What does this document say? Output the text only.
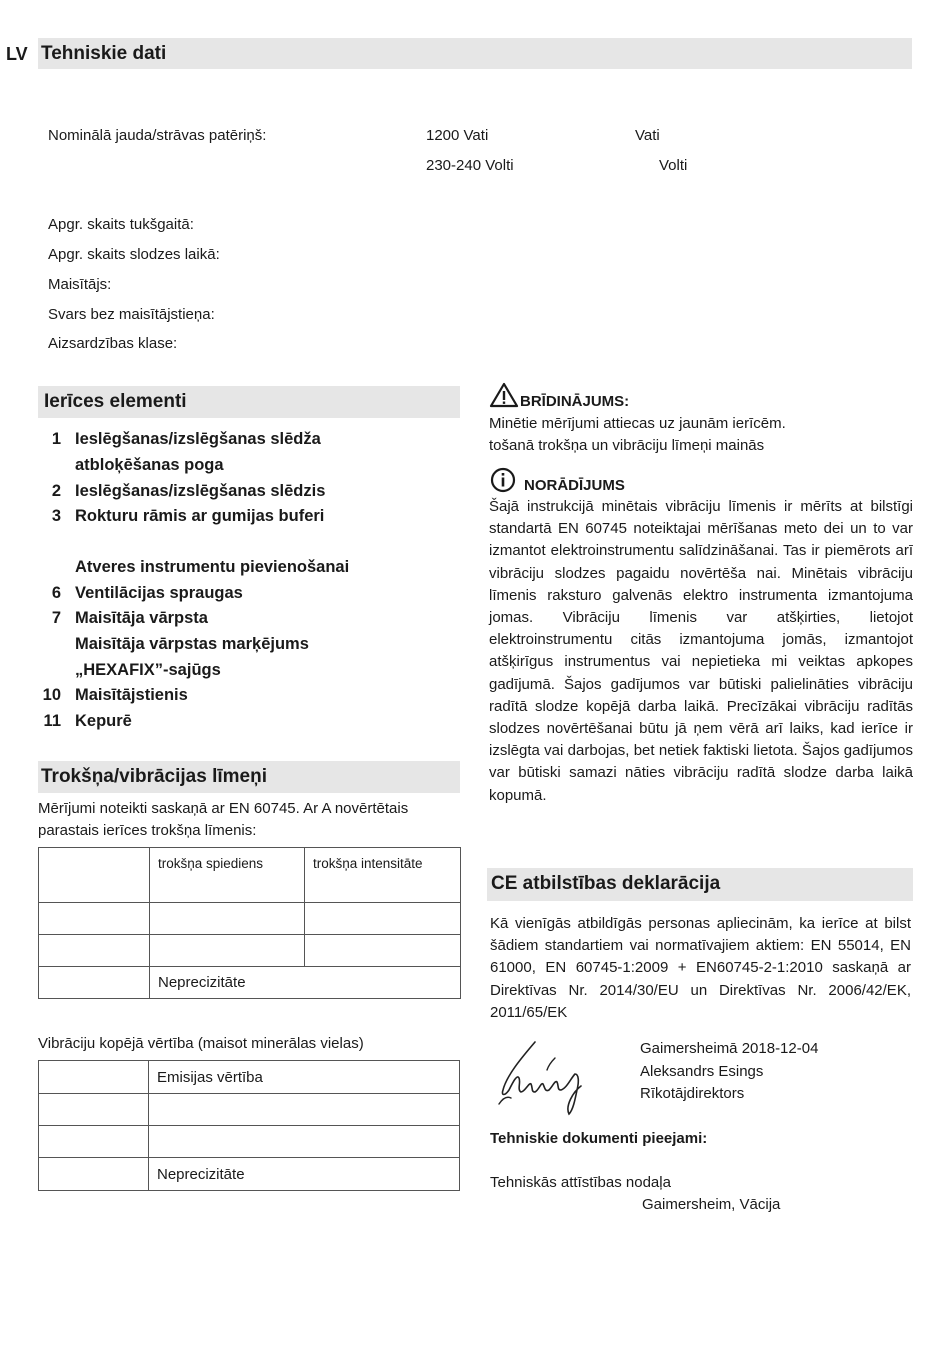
LV Tehniskie dati
Nominālā jauda/strāvas patēriņš:	1200 Vati	Vati
230-240 Volti	Volti
Apgr. skaits tukšgaitā:
Apgr. skaits slodzes laikā:
Maisītājs:
Svars bez maisītājstieņa:
Aizsardzības klase:
Ierīces elementi
1 Ieslēgšanas/izslēgšanas slēdža
atbloķēšanas poga
2 Ieslēgšanas/izslēgšanas slēdzis
3 Rokturu rāmis ar gumijas buferi
Atveres instrumentu pievienošanai
6 Ventilācijas spraugas
7 Maisītāja vārpsta
Maisītāja vārpstas marķējums
„HEXAFIX”-sajūgs
10 Maisītājstienis
11 Kepurē
Trokšņa/vibrācijas līmeņi
Mērījumi noteikti saskaņā ar EN 60745. Ar A novērtētais parastais ierīces trokšņa līmenis:
	trokšņa spiediens	trokšņa intensitāte

	Neprecizitāte	
Vibrāciju kopējā vērtība (maisot minerālas vielas)
	Emisijas vērtība

	Neprecizitāte
BRĪDINĀJUMS:
Minētie mērījumi attiecas uz jaunām ierīcēm.
tošanā trokšņa un vibrāciju līmeņi mainās
NORĀDĪJUMS
Šajā instrukcijā minētais vibrāciju līmenis ir mērīts at bilstīgi standartā EN 60745 noteiktajai mērīšanas meto dei un to var izmantot elektroinstrumentu salīdzināšanai. Tas ir piemērots arī vibrāciju slodzes pagaidu novērtēša nai. Minētais vibrāciju līmenis raksturo galvenās elektro instrumenta izmantojuma jomas. Vibrāciju līmenis var atšķirties, lietojot elektroinstrumentu citās izmantojuma jomās, izmantojot atšķirīgus instrumentus vai nepietieka mi veiktas apkopes gadījumā. Šajos gadījumos var būtiski palielināties vibrāciju radītā slodze kopējā darba laikā. Precīzākai vibrāciju radītās slodzes novērtēšanai būtu jā ņem vērā arī laiks, kad ierīce ir izslēgta vai darbojas, bet netiek faktiski lietota. Šajos gadījumos var būtiski samazi nāties vibrāciju radītā slodze darba laikā kopumā.
CE atbilstības deklarācija
Kā vienīgās atbildīgās personas apliecinām, ka ierīce at bilst šādiem standartiem vai normatīvajiem aktiem: EN 55014, EN 61000, EN 60745-1:2009 + EN60745-2-1:2010 saskaņā ar Direktīvas Nr. 2014/30/EU un Direktīvas Nr. 2006/42/EK, 2011/65/EK
Gaimersheimā 2018-12-04
Aleksandrs Esings
Rīkotājdirektors
Tehniskie dokumenti pieejami:
Tehniskās attīstības nodaļa
Gaimersheim, Vācija
